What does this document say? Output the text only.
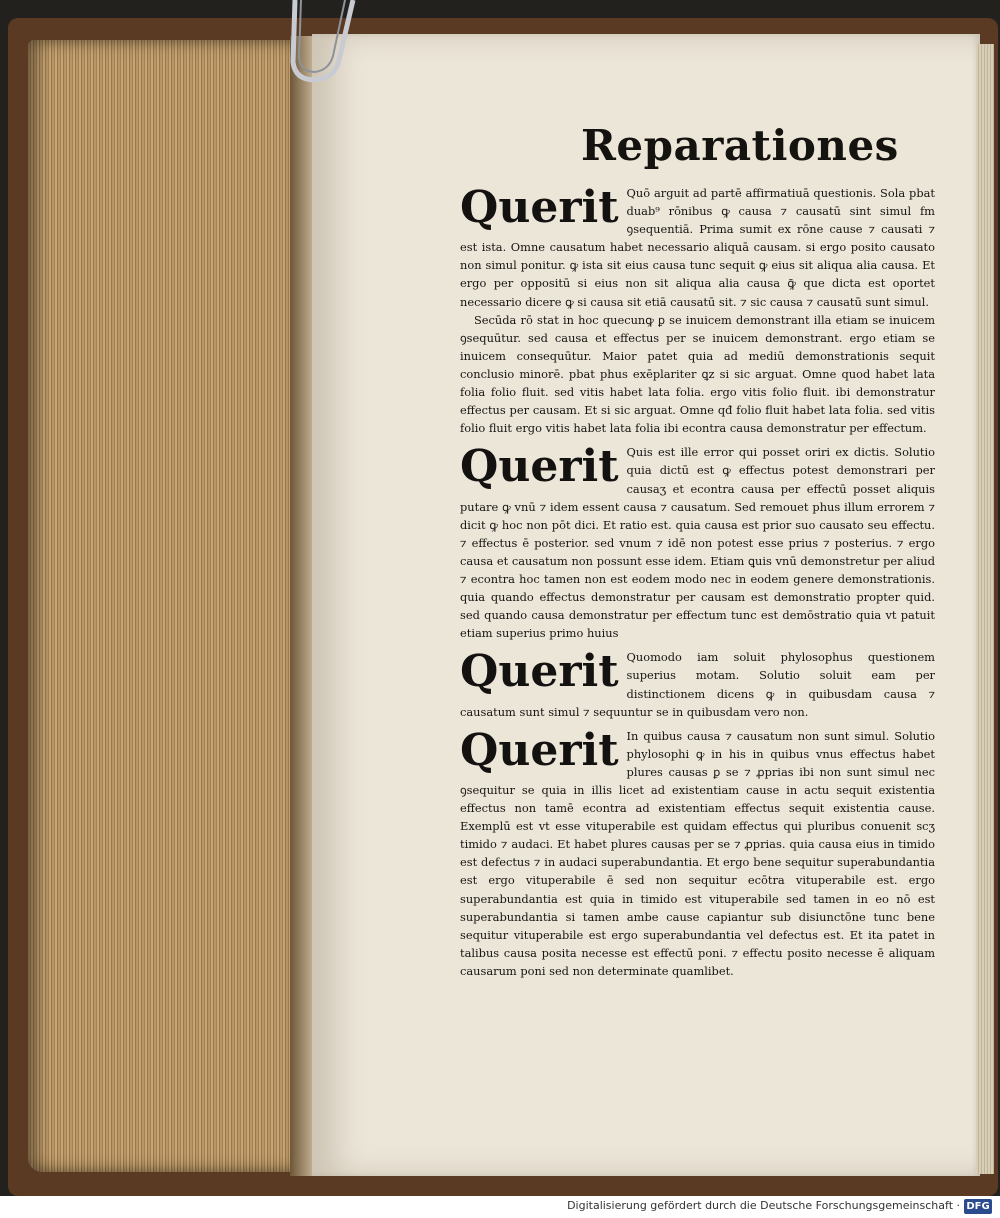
Reparationes

Querit Quō arguit ad partē affirmatiuā questionis. Sola pbat duab⁹ rōnibus ꝙ causa ⁊ causatū sint simul fm ꝯsequentiā. Prima sumit ex rōne cause ⁊ causati ⁊ est ista. Omne causatum habet necessario aliquā causam. si ergo posito causato non simul ponitur. ꝙ ista sit eius causa tunc sequit ꝙ eius sit aliqua alia causa. Et ergo per oppositū si eius non sit aliqua alia causa ꝙ̄ que dicta est oportet necessario dicere ꝙ si causa sit etiā causatū sit. ⁊ sic causa ⁊ causatū sunt simul.

Secūda rō stat in hoc quecunꝙ ꝑ se inuicem demonstrant illa etiam se inuicem ꝯsequūtur. sed causa et effectus per se inuicem demonstrant. ergo etiam se inuicem consequūtur. Maior patet quia ad mediū demonstrationis sequit conclusio minorē. pbat phus exēplariter ꝗz si sic arguat. Omne quod habet lata folia folio fluit. sed vitis habet lata folia. ergo vitis folio fluit. ibi demonstratur effectus per causam. Et si sic arguat. Omne qđ folio fluit habet lata folia. sed vitis folio fluit ergo vitis habet lata folia ibi econtra causa demonstratur per effectum.

Querit Quis est ille error qui posset oriri ex dictis. Solutio quia dictū est ꝙ effectus potest demonstrari per causaʒ et econtra causa per effectū posset aliquis putare ꝙ vnū ⁊ idem essent causa ⁊ causatum. Sed remouet phus illum errorem ⁊ dicit ꝙ hoc non pōt dici. Et ratio est. quia causa est prior suo causato seu effectu. ⁊ effectus ē posterior. sed vnum ⁊ idē non potest esse prius ⁊ posterius. ⁊ ergo causa et causatum non possunt esse idem. Etiam ꝗuis vnū demonstretur per aliud ⁊ econtra hoc tamen non est eodem modo nec in eodem genere demonstrationis. quia quando effectus demonstratur per causam est demonstratio propter quid. sed quando causa demonstratur per effectum tunc est demōstratio quia vt patuit etiam superius primo huius

Querit Quomodo iam soluit phylosophus questionem superius motam. Solutio soluit eam per distinctionem dicens ꝙ in quibusdam causa ⁊ causatum sunt simul ⁊ sequuntur se in quibusdam vero non.

Querit In quibus causa ⁊ causatum non sunt simul. Solutio phylosophi ꝙ in his in quibus vnus effectus habet plures causas ꝑ se ⁊ ꝓprias ibi non sunt simul nec ꝯsequitur se quia in illis licet ad existentiam cause in actu sequit existentia effectus non tamē econtra ad existentiam effectus sequit existentia cause. Exemplū est vt esse vituperabile est quidam effectus qui pluribus conuenit scʒ timido ⁊ audaci. Et habet plures causas per se ⁊ ꝓprias. quia causa eius in timido est defectus ⁊ in audaci superabundantia. Et ergo bene sequitur superabundantia est ergo vituperabile ē sed non sequitur ecōtra vituperabile est. ergo superabundantia est quia in timido est vituperabile sed tamen in eo nō est superabundantia si tamen ambe cause capiantur sub disiunctōne tunc bene sequitur vituperabile est ergo superabundantia vel defectus est. Et ita patet in talibus causa posita necesse est effectū poni. ⁊ effectu posito necesse ē aliquam causarum poni sed non determinate quamlibet.

Digitalisierung gefördert durch die Deutsche Forschungsgemeinschaft · DFG
